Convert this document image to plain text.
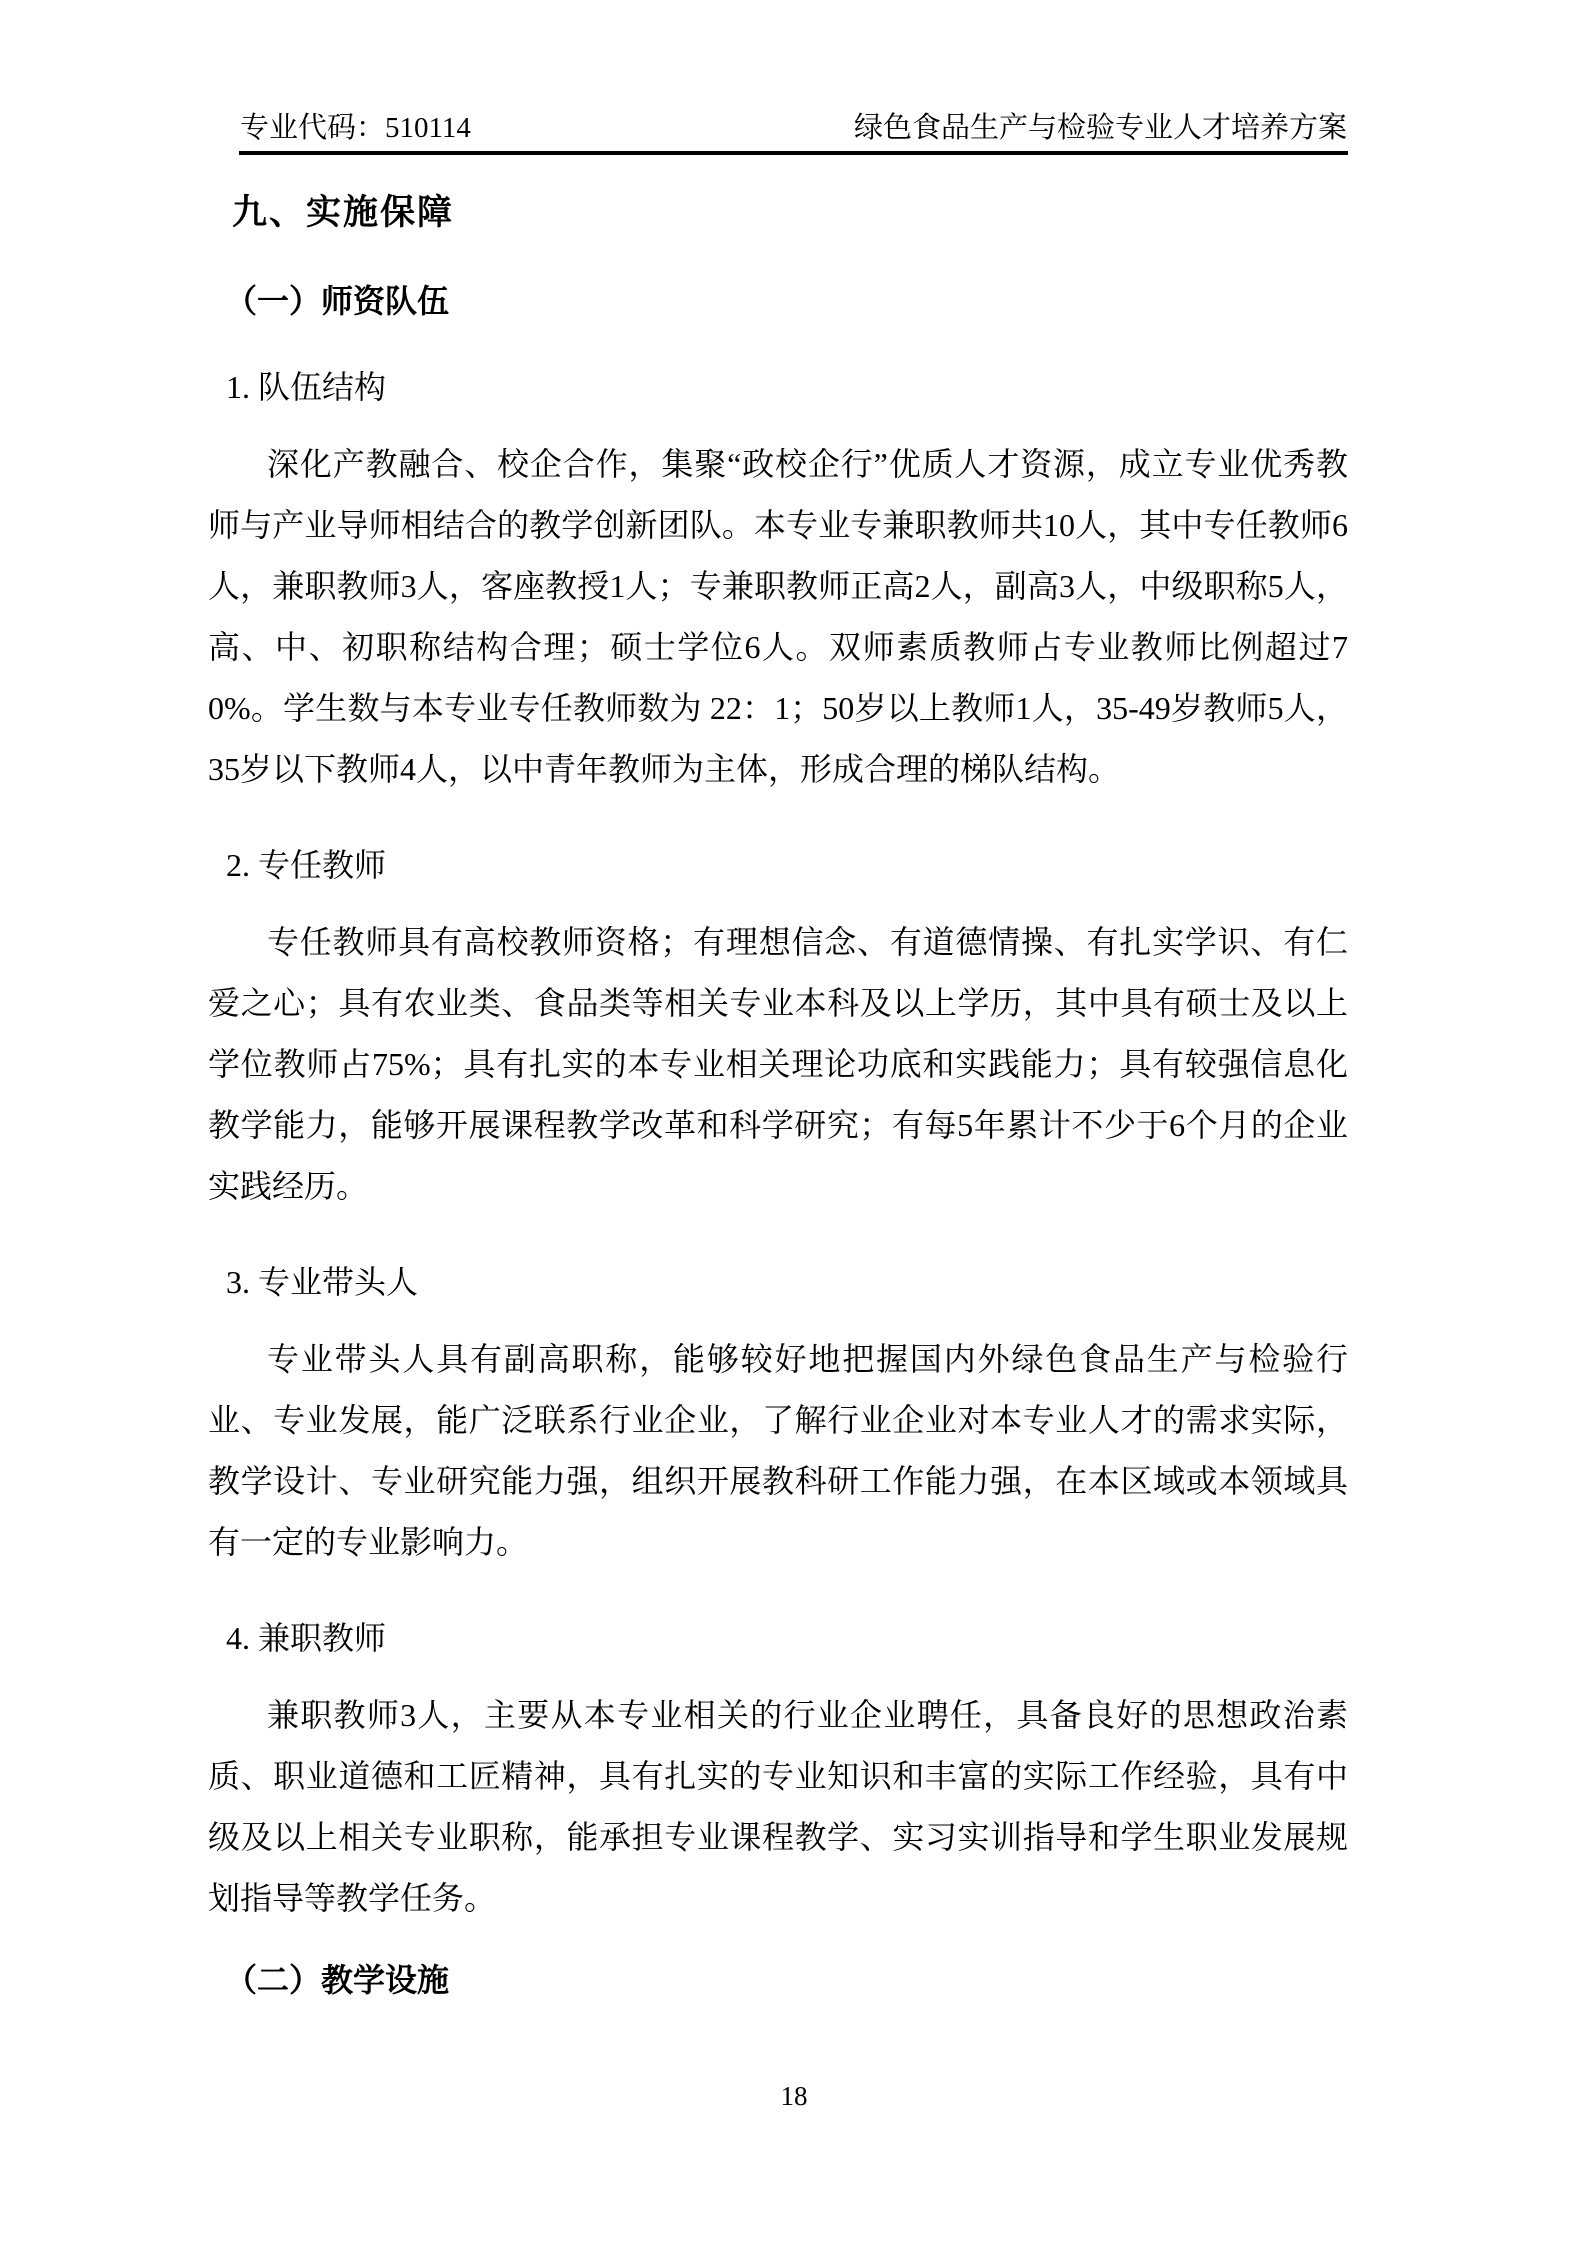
专业代码：510114	绿色食品生产与检验专业人才培养方案
九、实施保障
（一）师资队伍
1. 队伍结构

深化产教融合、校企合作，集聚“政校企行”优质人才资源，成立专业优秀教师与产业导师相结合的教学创新团队。本专业专兼职教师共10人，其中专任教师6人，兼职教师3人，客座教授1人；专兼职教师正高2人，副高3人，中级职称5人，高、中、初职称结构合理；硕士学位6人。双师素质教师占专业教师比例超过70%。学生数与本专业专任教师数为 22：1；50岁以上教师1人，35-49岁教师5人，35岁以下教师4人，以中青年教师为主体，形成合理的梯队结构。

2. 专任教师

专任教师具有高校教师资格；有理想信念、有道德情操、有扎实学识、有仁爱之心；具有农业类、食品类等相关专业本科及以上学历，其中具有硕士及以上学位教师占75%；具有扎实的本专业相关理论功底和实践能力；具有较强信息化教学能力，能够开展课程教学改革和科学研究；有每5年累计不少于6个月的企业实践经历。

3. 专业带头人

专业带头人具有副高职称，能够较好地把握国内外绿色食品生产与检验行业、专业发展，能广泛联系行业企业，了解行业企业对本专业人才的需求实际，教学设计、专业研究能力强，组织开展教科研工作能力强，在本区域或本领域具有一定的专业影响力。

4. 兼职教师

兼职教师3人，主要从本专业相关的行业企业聘任，具备良好的思想政治素质、职业道德和工匠精神，具有扎实的专业知识和丰富的实际工作经验，具有中级及以上相关专业职称，能承担专业课程教学、实习实训指导和学生职业发展规划指导等教学任务。

（二）教学设施
18
